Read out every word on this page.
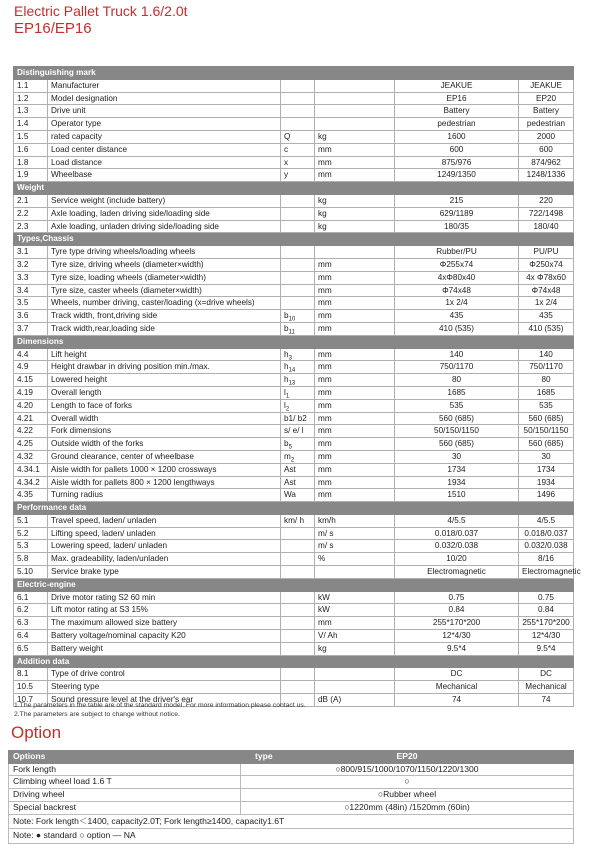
Electric Pallet Truck 1.6/2.0t
EP16/EP16
Distinguishing mark					
1.1	Manufacturer			JEAKUE	JEAKUE
1.2	Model designation			EP16	EP20
1.3	Drive unit			Battery	Battery
1.4	Operator type			pedestrian	pedestrian
1.5	rated capacity	Q	kg	1600	2000
1.6	Load center distance	c	mm	600	600
1.8	Load distance	x	mm	875/976	874/962
1.9	Wheelbase	y	mm	1249/1350	1248/1336
Weight					
2.1	Service weight (include battery)		kg	215	220
2.2	Axle loading, laden driving side/loading side		kg	629/1189	722/1498
2.3	Axle loading, unladen driving side/loading side		kg	180/35	180/40
Types,Chassis					
3.1	Tyre type driving wheels/loading wheels			Rubber/PU	PU/PU
3.2	Tyre size, driving wheels (diameter×width)		mm	Φ255x74	Φ250x74
3.3	Tyre size, loading wheels (diameter×width)		mm	4xΦ80x40	4x Φ78x60
3.4	Tyre size, caster wheels (diameter×width)		mm	Φ74x48	Φ74x48
3.5	Wheels, number driving, caster/loading (x=drive wheels)		mm	1x 2/4	1x 2/4
3.6	Track width, front,driving side	$b_{10}$	mm	435	435
3.7	Track width,rear,loading side	$b_{11}$	mm	410 (535)	410 (535)
Dimensions					
4.4	Lift height	$h_3$	mm	140	140
4.9	Height drawbar in driving position min./max.	$h_{14}$	mm	750/1170	750/1170
4.15	Lowered height	$h_{13}$	mm	80	80
4.19	Overall length	$l_1$	mm	1685	1685
4.20	Length to face of forks	$l_2$	mm	535	535
4.21	Overall width	b1/ b2	mm	560 (685)	560 (685)
4.22	Fork dimensions	s/ e/ l	mm	50/150/1150	50/150/1150
4.25	Outside width of the forks	$b_5$	mm	560 (685)	560 (685)
4.32	Ground clearance, center of wheelbase	$m_2$	mm	30	30
4.34.1	Aisle width for pallets 1000 × 1200 crossways	Ast	mm	1734	1734
4.34.2	Aisle width for pallets 800 × 1200 lengthways	Ast	mm	1934	1934
4.35	Turning radius	Wa	mm	1510	1496
Performance data					
5.1	Travel speed, laden/ unladen	km/ h	km/h	4/5.5	4/5.5
5.2	Lifting speed, laden/ unladen		m/ s	0.018/0.037	0.018/0.037
5.3	Lowering speed, laden/ unladen		m/ s	0.032/0.038	0.032/0.038
5.8	Max. gradeability, laden/unladen		%	10/20	8/16
5.10	Service brake type			Electromagnetic	Electromagnetic
Electric-engine					
6.1	Drive motor rating S2 60 min		kW	0.75	0.75
6.2	Lift motor rating at S3 15%		kW	0.84	0.84
6.3	The maximum allowed size battery		mm	255*170*200	255*170*200
6.4	Battery voltage/nominal capacity K20		V/ Ah	12*4/30	12*4/30
6.5	Battery weight		kg	9.5*4	9.5*4
Addition data					
8.1	Type of drive control			DC	DC
10.5	Steering type			Mechanical	Mechanical
10.7	Sound pressure level at the driver's ear		dB (A)	74	74
1.The parameters in the table are of the standard model. For more information please contact us.
2.The parameters are subject to change without notice.
Option
Options type	EP20
Fork length	○800/915/1000/1070/1150/1220/1300
Climbing wheel load 1.6 T	○
Driving wheel	○Rubber wheel
Special backrest	○1220mm (48in) /1520mm (60in)
Note: Fork length＜1400, capacity2.0T; Fork length≥1400, capacity1.6T	
Note: ● standard ○ option — NA	
